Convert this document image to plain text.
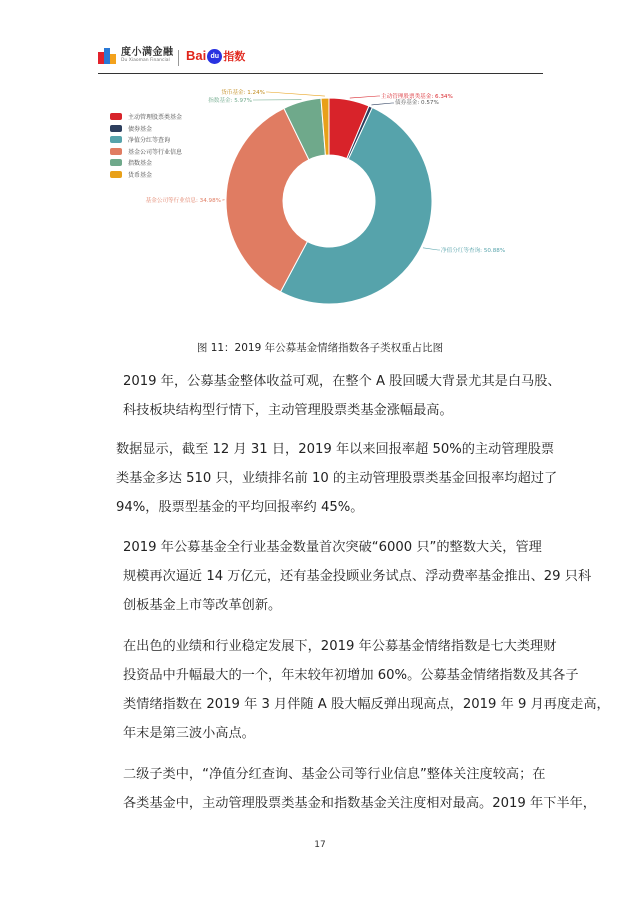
度小满金融
Du Xiaoman Financial Bai du 指数
主动管理股票类基金: 6.34%
债券基金: 0.57%
净值分红等查询: 50.88%
基金公司等行业信息: 34.98%
指数基金: 5.97%
货币基金: 1.24%
主动管理股票类基金
债券基金
净值分红等查询
基金公司等行业信息
指数基金
货币基金
图 11：2019 年公募基金情绪指数各子类权重占比图

2019 年，公募基金整体收益可观，在整个 A 股回暖大背景尤其是白马股、
科技板块结构型行情下，主动管理股票类基金涨幅最高。

数据显示，截至 12 月 31 日，2019 年以来回报率超 50%的主动管理股票
类基金多达 510 只，业绩排名前 10 的主动管理股票类基金回报率均超过了
94%，股票型基金的平均回报率约 45%。

2019 年公募基金全行业基金数量首次突破“6000 只”的整数大关，管理
规模再次逼近 14 万亿元，还有基金投顾业务试点、浮动费率基金推出、29 只科
创板基金上市等改革创新。

在出色的业绩和行业稳定发展下，2019 年公募基金情绪指数是七大类理财
投资品中升幅最大的一个，年末较年初增加 60%。公募基金情绪指数及其各子
类情绪指数在 2019 年 3 月伴随 A 股大幅反弹出现高点，2019 年 9 月再度走高，
年末是第三波小高点。

二级子类中，“净值分红查询、基金公司等行业信息”整体关注度较高；在
各类基金中，主动管理股票类基金和指数基金关注度相对最高。2019 年下半年，

17
